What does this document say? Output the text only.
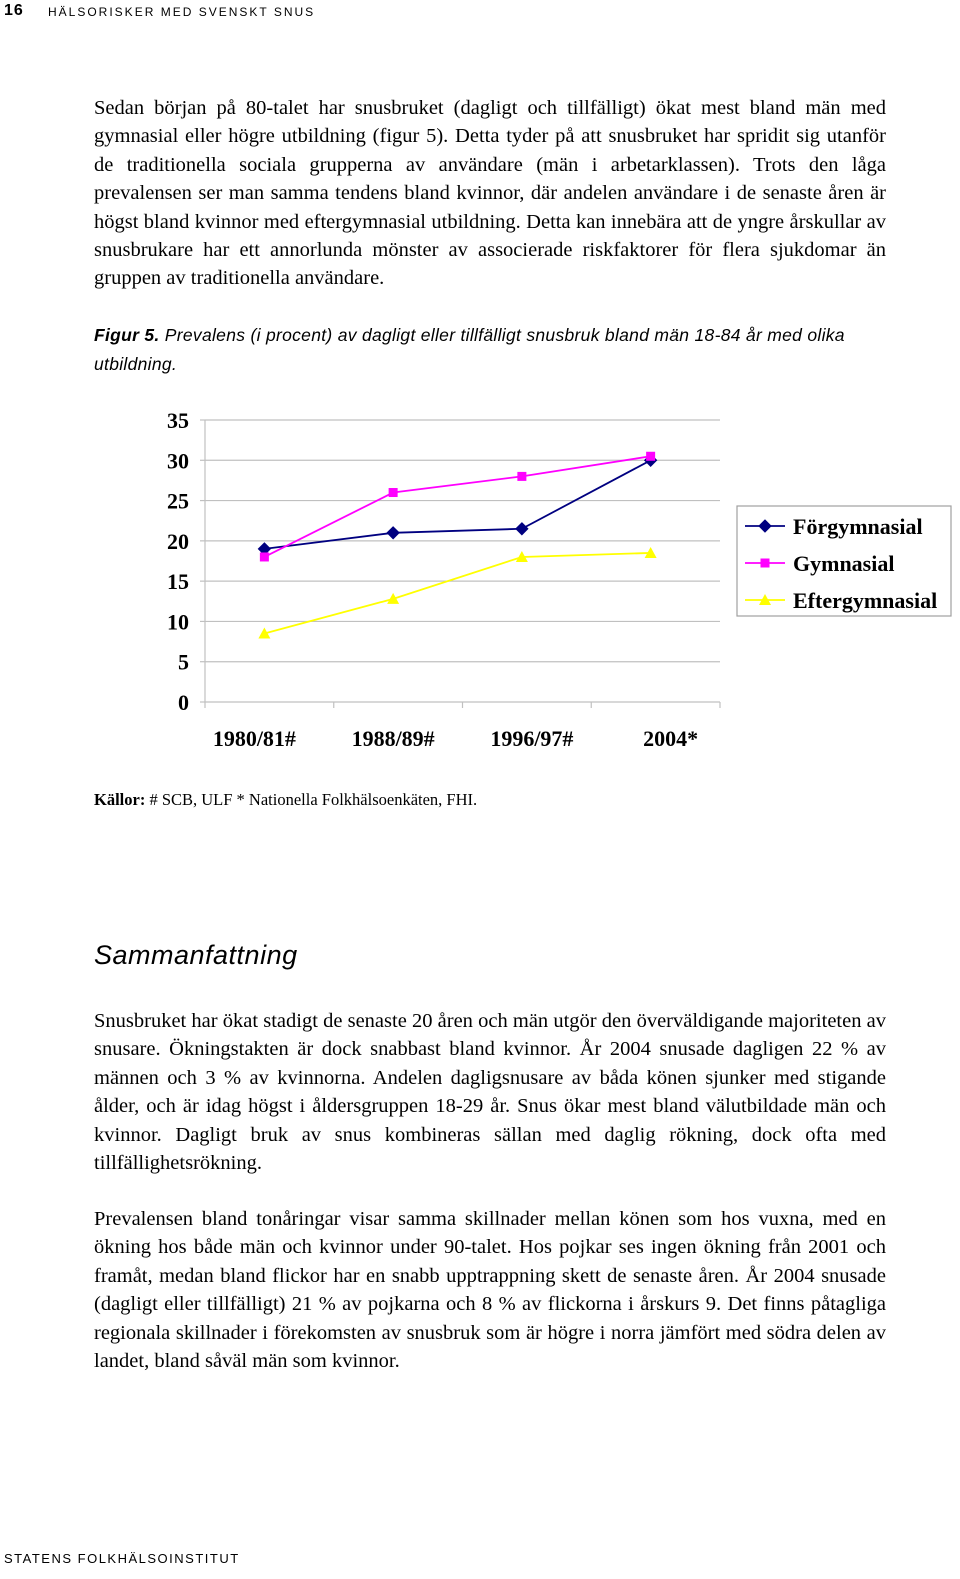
16 HÄLSORISKER MED SVENSKT SNUS

Sedan början på 80-talet har snusbruket (dagligt och tillfälligt) ökat mest bland män med gymnasial eller högre utbildning (figur 5). Detta tyder på att snusbruket har spridit sig utanför de traditionella sociala grupperna av användare (män i arbetarklassen). Trots den låga prevalensen ser man samma tendens bland kvinnor, där andelen användare i de senaste åren är högst bland kvinnor med eftergymnasial utbildning. Detta kan innebära att de yngre årskullar av snusbrukare har ett annorlunda mönster av associerade riskfaktorer för flera sjukdomar än gruppen av traditionella användare.

Figur 5. Prevalens (i procent) av dagligt eller tillfälligt snusbruk bland män 18-84 år med olika utbildning.

0
5
10
15
20
25
30
35
1980/81#	1988/89#	1996/97#	2004*
Förgymnasial
Gymnasial
Eftergymnasial

Källor: # SCB, ULF * Nationella Folkhälsoenkäten, FHI.

Sammanfattning

Snusbruket har ökat stadigt de senaste 20 åren och män utgör den överväldigande majoriteten av snusare. Ökningstakten är dock snabbast bland kvinnor. År 2004 snusade dagligen 22 % av männen och 3 % av kvinnorna. Andelen dagligsnusare av båda könen sjunker med stigande ålder, och är idag högst i åldersgruppen 18-29 år. Snus ökar mest bland välutbildade män och kvinnor. Dagligt bruk av snus kombineras sällan med daglig rökning, dock ofta med tillfällighetsrökning.

Prevalensen bland tonåringar visar samma skillnader mellan könen som hos vuxna, med en ökning hos både män och kvinnor under 90-talet. Hos pojkar ses ingen ökning från 2001 och framåt, medan bland flickor har en snabb upptrappning skett de senaste åren. År 2004 snusade (dagligt eller tillfälligt) 21 % av pojkarna och 8 % av flickorna i årskurs 9. Det finns påtagliga regionala skillnader i förekomsten av snusbruk som är högre i norra jämfört med södra delen av landet, bland såväl män som kvinnor.

STATENS FOLKHÄLSOINSTITUT
